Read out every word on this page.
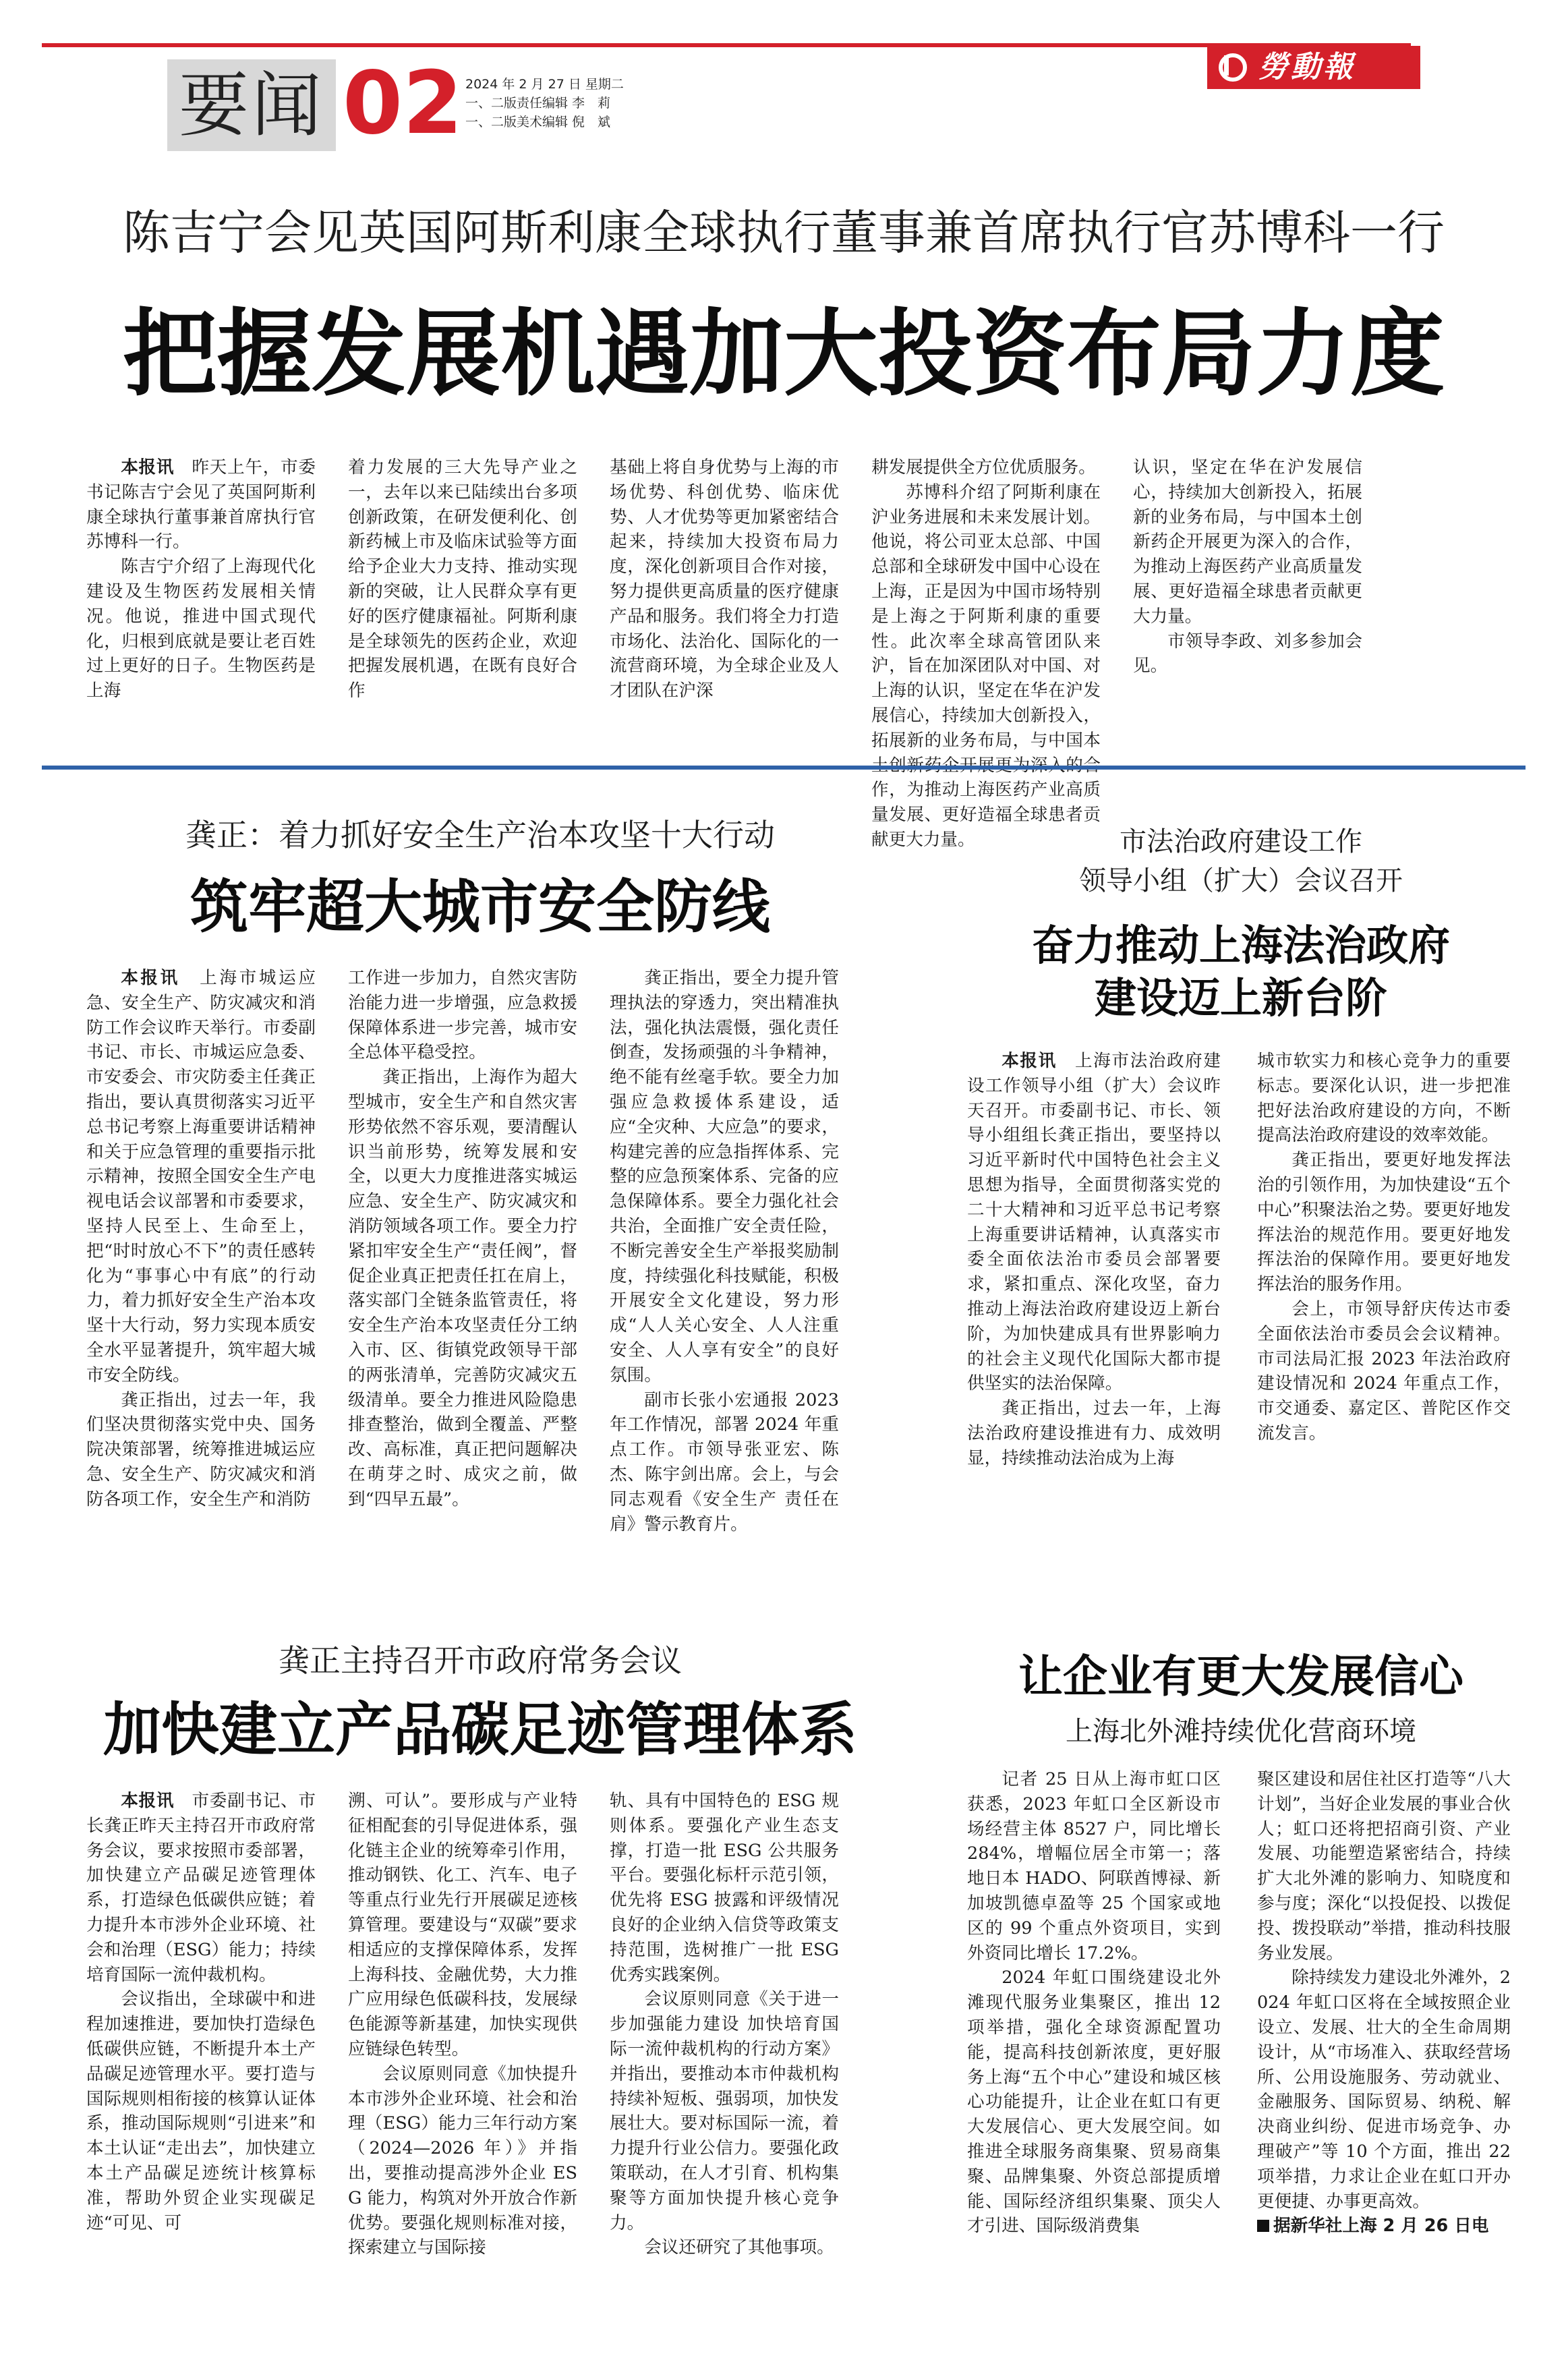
要闻 02 2024 年 2 月 27 日 星期二
一、二版责任编辑 李　莉
一、二版美术编辑 倪　斌
勞動報
陈吉宁会见英国阿斯利康全球执行董事兼首席执行官苏博科一行
把握发展机遇加大投资布局力度

本报讯　 昨天上午，市委书记陈吉宁会见了英国阿斯利康全球执行董事兼首席执行官苏博科一行。

陈吉宁介绍了上海现代化建设及生物医药发展相关情况。他说，推进中国式现代化，归根到底就是要让老百姓过上更好的日子。生物医药是上海

着力发展的三大先导产业之一，去年以来已陆续出台多项创新政策，在研发便利化、创新药械上市及临床试验等方面给予企业大力支持、推动实现新的突破，让人民群众享有更好的医疗健康福祉。阿斯利康是全球领先的医药企业，欢迎把握发展机遇，在既有良好合作

基础上将自身优势与上海的市场优势、科创优势、临床优势、人才优势等更加紧密结合起来，持续加大投资布局力度，深化创新项目合作对接，努力提供更高质量的医疗健康产品和服务。我们将全力打造市场化、法治化、国际化的一流营商环境，为全球企业及人才团队在沪深

耕发展提供全方位优质服务。

苏博科介绍了阿斯利康在沪业务进展和未来发展计划。他说，将公司亚太总部、中国总部和全球研发中国中心设在上海，正是因为中国市场特别是上海之于阿斯利康的重要性。此次率全球高管团队来沪，旨在加深团队对中国、对上海的认识，坚定在华在沪发展信心，持续加大创新投入，拓展新的业务布局，与中国本 作，为推动上海医药产业高质量发展、更好造福全球患者贡献更大力量。

认识，坚定在华在沪发展信心，持续加大创新投入，拓展新的业务布局，与中国本土创新药企开展更为深入的合作，为推动上海医药产业高质量发展、更好造福全球患者贡献更大力量。

市领导李政、刘多参加会见。

龚正：着力抓好安全生产治本攻坚十大行动
筑牢超大城市安全防线

本报讯　 上海市城运应急、安全生产、防灾减灾和消防工作会议昨天举行。市委副书记、市长、市城运应急委、市安委会、市灾防委主任龚正指出，要认真贯彻落实习近平总书记考察上海重要讲话精神和关于应急管理的重要指示批示精神，按照全国安全生产电视电话会议部署和市委要求，坚持人民至上、生命至上，把“时时放心不下”的责任感转化为“事事心中有底”的行动力，着力抓好安全生产治本攻坚十大行动，努力实现本质安全水平显著提升，筑牢超大城市安全防线。

龚正指出，过去一年，我们坚决贯彻落实党中央、国务院决策部署，统筹推进城运应急、安全生产、防灾减灾和消防各项工作，安全生产和消防

工作进一步加力，自然灾害防治能力进一步增强，应急救援保障体系进一步完善，城市安全总体平稳受控。

龚正指出，上海作为超大型城市，安全生产和自然灾害形势依然不容乐观，要清醒认识当前形势，统筹发展和安全，以更大力度推进落实城运应急、安全生产、防灾减灾和消防领域各项工作。要全力拧紧扣牢安全生产“责任阀”，督促企业真正把责任扛在肩上，落实部门全链条监管责任，将安全生产治本攻坚责任分工纳入市、区、街镇党政领导干部的两张清单，完善防灾减灾五级清单。要全力推进风险隐患排查整治，做到全覆盖、严整改、高标准，真正把问题解决在萌芽之时、成灾之前，做到“四早五最”。

龚正指出，要全力提升管理执法的穿透力，突出精准执法，强化执法震慑，强化责任倒查，发扬顽强的斗争精神，绝不能有丝毫手软。要全力加强应急救援体系建设，适应“全灾种、大应急”的要求，构建完善的应急指挥体系、完整的应急预案体系、完备的应急保障体系。要全力强化社会共治，全面推广安全责任险，不断完善安全生产举报奖励制度，持续强化科技赋能，积极开展安全文化建设，努力形成“人人关心安全、人人注重安全、人人享有安全”的良好氛围。

副市长张小宏通报 2023 年工作情况，部署 2024 年重点工作。市领导张亚宏、陈杰、陈宇剑出席。会上，与会同志观看《安全生产 责任在肩》警示教育片。

市法治政府建设工作
领导小组（扩大）会议召开
奋力推动上海法治政府
建设迈上新台阶

本报讯　 上海市法治政府建设工作领导小组（扩大）会议昨天召开。市委副书记、市长、领导小组组长龚正指出，要坚持以习近平新时代中国特色社会主义思想为指导，全面贯彻落实党的二十大精神和习近平总书记考察上海重要讲话精神，认真落实市委全面依法治市委员会部署要求，紧扣重点、深化攻坚，奋力推动上海法治政府建设迈上新台阶，为加快建成具有世界影响力的社会主义现代化国际大都市提供坚实的法治保障。

龚正指出，过去一年，上海法治政府建设推进有力、成效明显，持续推动法治成为上海

城市软实力和核心竞争力的重要标志。要深化认识，进一步把准把好法治政府建设的方向，不断提高法治政府建设的效率效能。

龚正指出，要更好地发挥法治的引领作用，为加快建设“五个中心”积聚法治之势。要更好地发挥法治的规范作用。要更好地发挥法治的保障作用。要更好地发挥法治的服务作用。

会上，市领导舒庆传达市委全面依法治市委员会会议精神。市司法局汇报 2023 年法治政府建设情况和 2024 年重点工作，市交通委、嘉定区、普陀区作交流发言。

龚正主持召开市政府常务会议
加快建立产品碳足迹管理体系

本报讯　 市委副书记、市长龚正昨天主持召开市政府常务会议，要求按照市委部署，加快建立产品碳足迹管理体系，打造绿色低碳供应链；着力提升本市涉外企业环境、社会和治理（ESG）能力；持续培育国际一流仲裁机构。

会议指出，全球碳中和进程加速推进，要加快打造绿色低碳供应链，不断提升本土产品碳足迹管理水平。要打造与国际规则相衔接的核算认证体系，推动国际规则“引进来”和本土认证“走出去”，加快建立本土产品碳足迹统计核算标准，帮助外贸企业实现碳足迹“可见、可

溯、可认”。要形成与产业特征相配套的引导促进体系，强化链主企业的统筹牵引作用，推动钢铁、化工、汽车、电子等重点行业先行开展碳足迹核算管理。要建设与“双碳”要求相适应的支撑保障体系，发挥上海科技、金融优势，大力推广应用绿色低碳科技，发展绿色能源等新基建，加快实现供应链绿色转型。

会议原则同意《加快提升本市涉外企业环境、社会和治理（ESG）能力三年行动方案（2024—2026 年）》并指出，要推动提高涉外企业 ESG 能力，构筑对外开放合作新优势。要强化规则标准对接，探索建立与国际接

轨、具有中国特色的 ESG 规则体系。要强化产业生态支撑，打造一批 ESG 公共服务平台。要强化标杆示范引领，优先将 ESG 披露和评级情况良好的企业纳入信贷等政策支持范围，选树推广一批 ESG 优秀实践案例。

会议原则同意《关于进一步加强能力建设 加快培育国际一流仲裁机构的行动方案》并指出，要推动本市仲裁机构持续补短板、强弱项，加快发展壮大。要对标国际一流，着力提升行业公信力。要强化政策联动，在人才引育、机构集聚等方面加快提升核心竞争力。

会议还研究了其他事项。

让企业有更大发展信心
上海北外滩持续优化营商环境

记者 25 日从上海市虹口区获悉，2023 年虹口全区新设市场经营主体 8527 户，同比增长 284%，增幅位居全市第一；落地日本 HADO、阿联酋博禄、新加坡凯德卓盈等 25 个国家或地区的 99 个重点外资项目，实到外资同比增长 17.2%。

2024 年虹口围绕建设北外滩现代服务业集聚区，推出 12 项举措，强化全球资源配置功能，提高科技创新浓度，更好服务上海“五个中心”建设和城区核心功能提升，让企业在虹口有更大发展信心、更大发展空间。如推进全球服务商集聚、贸易商集聚、品牌集聚、外资总部提质增能、国际经济组织集聚、顶尖人才引进、国际级消费集

聚区建设和居住社区打造等“八大计划”，当好企业发展的事业合伙人；虹口还将把招商引资、产业发展、功能塑造紧密结合，持续扩大北外滩的影响力、知晓度和参与度；深化“以投促投、以拨促投、拨投联动”举措，推动科技服务业发展。

除持续发力建设北外滩外，2024 年虹口区将在全域按照企业设立、发展、壮大的全生命周期设计，从“市场准入、获取经营场所、公用设施服务、劳动就业、金融服务、国际贸易、纳税、解决商业纠纷、促进市场竞争、办理破产”等 10 个方面，推出 22 项举措，力求让企业在虹口开办更便捷、办事更高效。

据新华社上海 2 月 26 日电
